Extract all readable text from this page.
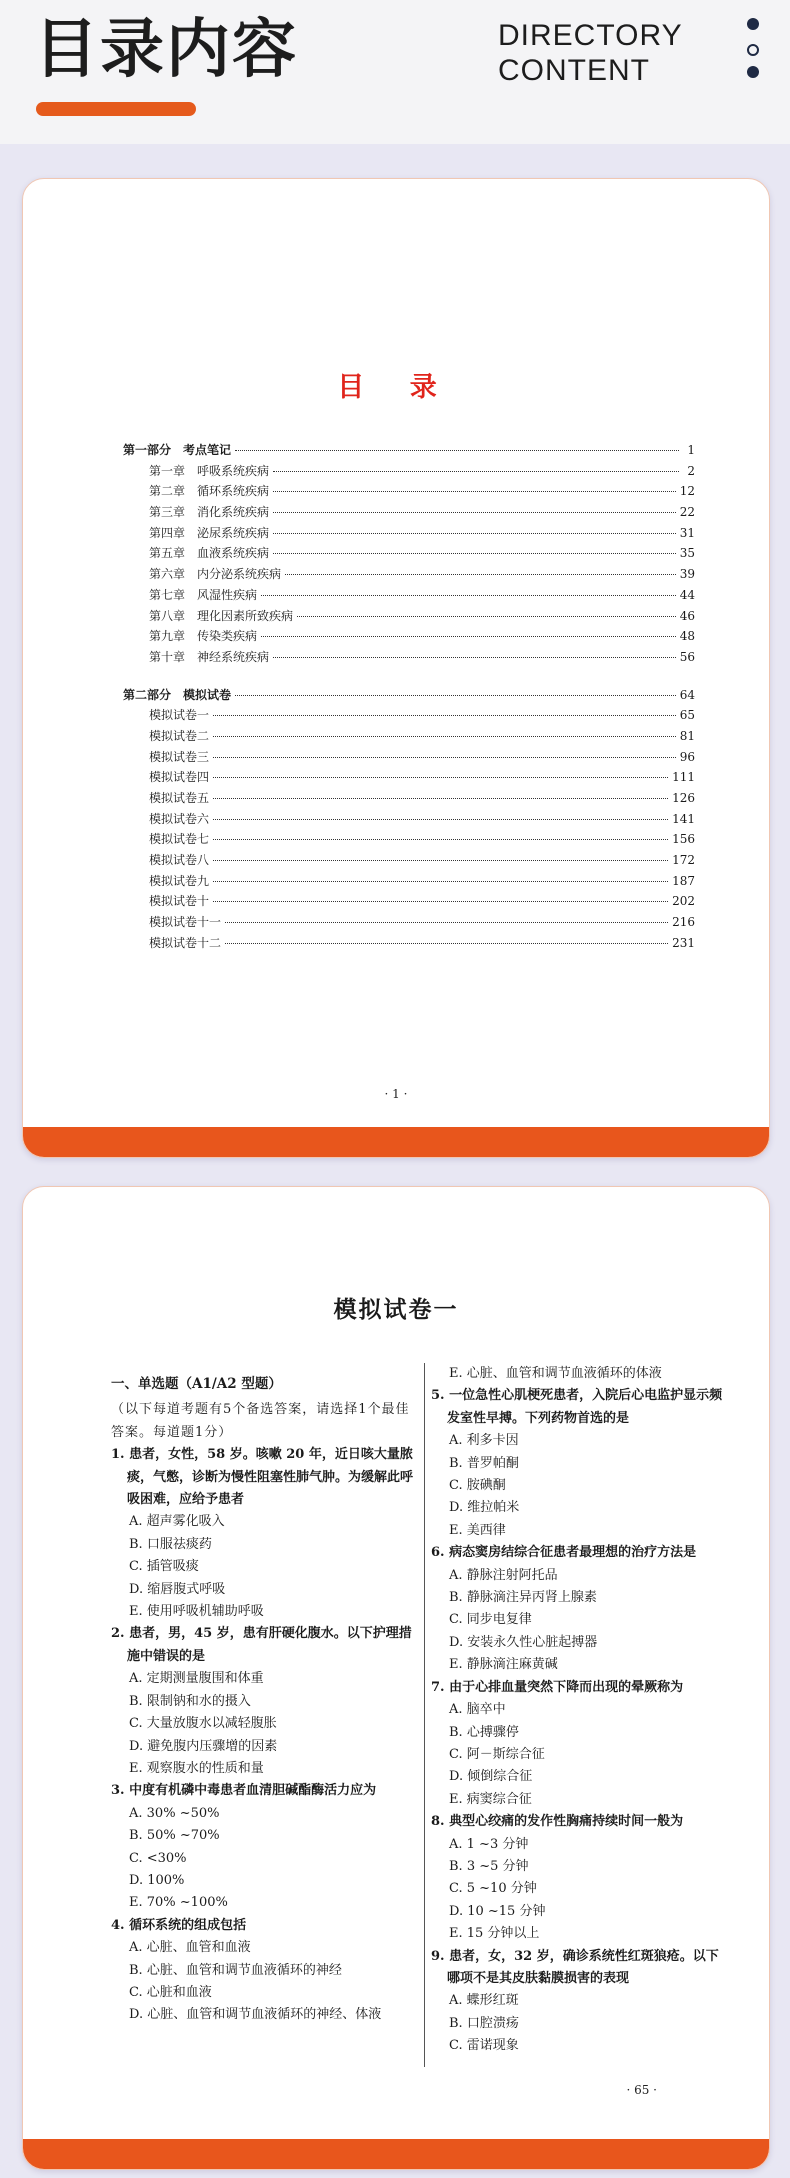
目录内容	DIRECTORY
CONTENT
目 录
第一部分　考点笔记	1
第一章　呼吸系统疾病	2
第二章　循环系统疾病	12
第三章　消化系统疾病	22
第四章　泌尿系统疾病	31
第五章　血液系统疾病	35
第六章　内分泌系统疾病	39
第七章　风湿性疾病	44
第八章　理化因素所致疾病	46
第九章　传染类疾病	48
第十章　神经系统疾病	56
第二部分　模拟试卷	64
模拟试卷一	65
模拟试卷二	81
模拟试卷三	96
模拟试卷四	111
模拟试卷五	126
模拟试卷六	141
模拟试卷七	156
模拟试卷八	172
模拟试卷九	187
模拟试卷十	202
模拟试卷十一	216
模拟试卷十二	231
· 1 ·
模拟试卷一
一、单选题（A1/A2 型题）
（以下每道考题有5个备选答案，请选择1个最佳答案。每道题1分）
1. 患者，女性，58 岁。咳嗽 20 年，近日咳大量脓痰，气憋，诊断为慢性阻塞性肺气肿。为缓解此呼吸困难，应给予患者
A. 超声雾化吸入
B. 口服祛痰药
C. 插管吸痰
D. 缩唇腹式呼吸
E. 使用呼吸机辅助呼吸
2. 患者，男，45 岁，患有肝硬化腹水。以下护理措施中错误的是
A. 定期测量腹围和体重
B. 限制钠和水的摄入
C. 大量放腹水以减轻腹胀
D. 避免腹内压骤增的因素
E. 观察腹水的性质和量
3. 中度有机磷中毒患者血清胆碱酯酶活力应为
A. 30% ~50%
B. 50% ~70%
C. <30%
D. 100%
E. 70% ~100%
4. 循环系统的组成包括
A. 心脏、血管和血液
B. 心脏、血管和调节血液循环的神经
C. 心脏和血液
D. 心脏、血管和调节血液循环的神经、体液
E. 心脏、血管和调节血液循环的体液
5. 一位急性心肌梗死患者，入院后心电监护显示频发室性早搏。下列药物首选的是
A. 利多卡因
B. 普罗帕酮
C. 胺碘酮
D. 维拉帕米
E. 美西律
6. 病态窦房结综合征患者最理想的治疗方法是
A. 静脉注射阿托品
B. 静脉滴注异丙肾上腺素
C. 同步电复律
D. 安装永久性心脏起搏器
E. 静脉滴注麻黄碱
7. 由于心排血量突然下降而出现的晕厥称为
A. 脑卒中
B. 心搏骤停
C. 阿－斯综合征
D. 倾倒综合征
E. 病窦综合征
8. 典型心绞痛的发作性胸痛持续时间一般为
A. 1 ~3 分钟
B. 3 ~5 分钟
C. 5 ~10 分钟
D. 10 ~15 分钟
E. 15 分钟以上
9. 患者，女，32 岁，确诊系统性红斑狼疮。以下哪项不是其皮肤黏膜损害的表现
A. 蝶形红斑
B. 口腔溃疡
C. 雷诺现象
· 65 ·
